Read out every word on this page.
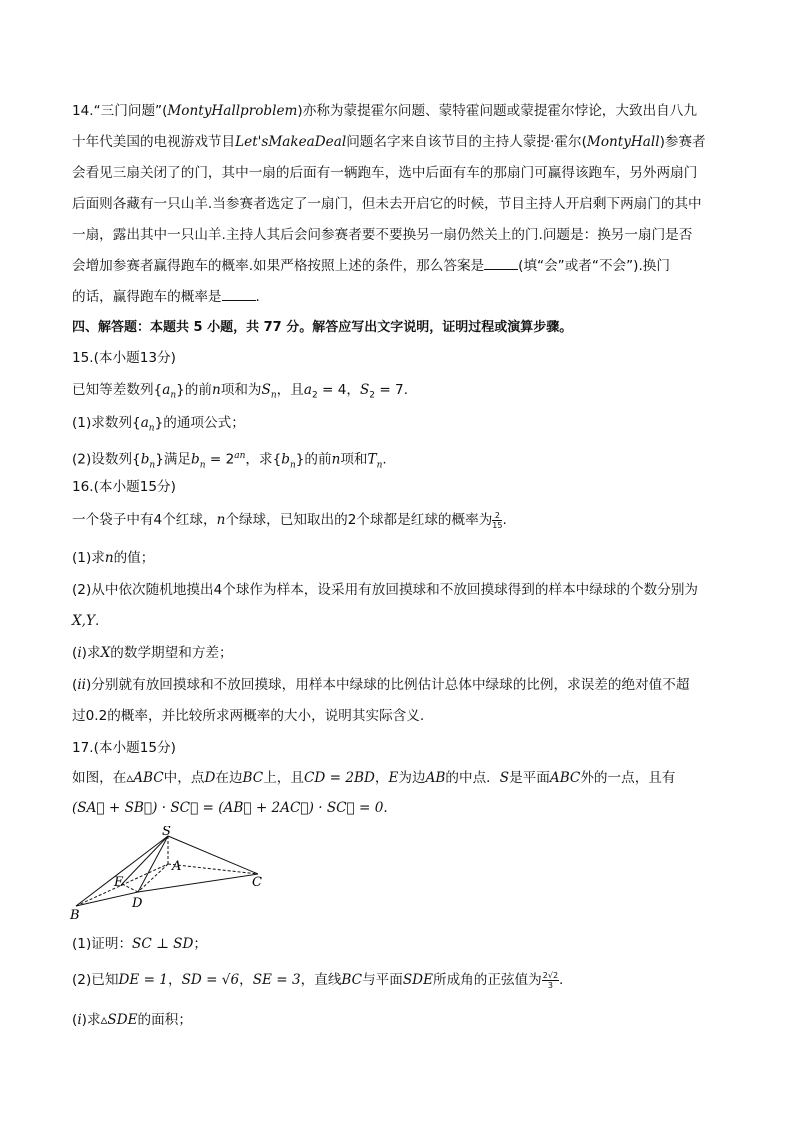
14.“三门问题”(MontyHallproblem)亦称为蒙提霍尔问题、蒙特霍问题或蒙提霍尔悖论，大致出自八九
十年代美国的电视游戏节目Let'sMakeaDeal问题名字来自该节目的主持人蒙提·霍尔(MontyHall)参赛者
会看见三扇关闭了的门，其中一扇的后面有一辆跑车，选中后面有车的那扇门可赢得该跑车，另外两扇门
后面则各藏有一只山羊.当参赛者选定了一扇门，但未去开启它的时候，节目主持人开启剩下两扇门的其中
一扇，露出其中一只山羊.主持人其后会问参赛者要不要换另一扇仍然关上的门.问题是：换另一扇门是否
会增加参赛者赢得跑车的概率.如果严格按照上述的条件，那么答案是	(填“会”或者“不会”).换门
的话，赢得跑车的概率是	.
四、解答题：本题共 5 小题，共 77 分。解答应写出文字说明，证明过程或演算步骤。
15.(本小题13分)
已知等差数列$\{a_n\}$的前n项和为$S_n$，且$a_2 = 4$，$S_2 = 7$.
(1)求数列$\{a_n\}$的通项公式；
(2)设数列$\{b_n\}$满足$b_n = 2^{an}$，求$\{b_n\}$的前n项和$T_n$.
16.(本小题15分)
一个袋子中有4个红球，n个绿球，已知取出的2个球都是红球的概率为 $\frac{2}{15}$ .
(1)求n的值；
(2)从中依次随机地摸出4个球作为样本，设采用有放回摸球和不放回摸球得到的样本中绿球的个数分别为
X,Y.
(i)求X的数学期望和方差；
(ii)分别就有放回摸球和不放回摸球，用样本中绿球的比例估计总体中绿球的比例，求误差的绝对值不超
过0.2的概率，并比较所求两概率的大小，说明其实际含义.
17.(本小题15分)
如图，在▵ABC中，点D在边BC上，且CD = 2BD，E为边AB的中点．S是平面ABC外的一点，且有
(SA⃗ + SB⃗) · SC⃗ = (AB⃗ + 2AC⃗) · SC⃗ = 0.
S
A
E	C
B
D
(1)证明：SC ⊥ SD；
(2)已知DE = 1，SD = √6，SE = 3，直线BC与平面SDE所成角的正弦值为 $\frac{2√2}{3}$ .
(i)求▵SDE的面积；
